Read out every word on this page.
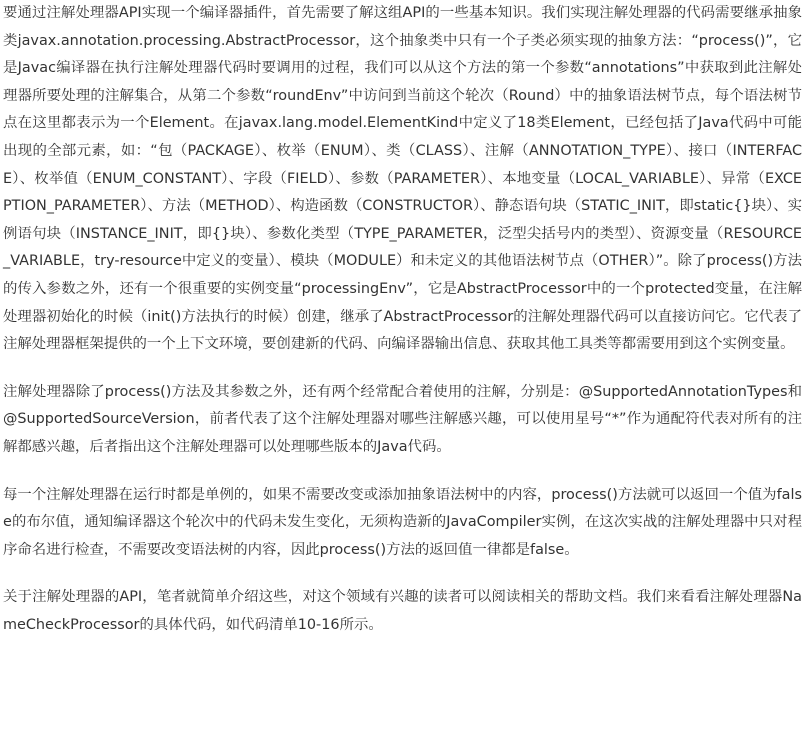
要通过注解处理器API实现一个编译器插件，首先需要了解这组API的一些基本知识。我们实现注解处理器的代码需要继承抽象类javax.annotation.processing.AbstractProcessor，这个抽象类中只有一个子类必须实现的抽象方法：“process()”，它是Javac编译器在执行注解处理器代码时要调用的过程，我们可以从这个方法的第一个参数“annotations”中获取到此注解处理器所要处理的注解集合，从第二个参数“roundEnv”中访问到当前这个轮次（Round）中的抽象语法树节点，每个语法树节点在这里都表示为一个Element。在javax.lang.model.ElementKind中定义了18类Element，已经包括了Java代码中可能出现的全部元素，如：“包（PACKAGE）、枚举（ENUM）、类（CLASS）、注解（ANNOTATION_TYPE）、接口（INTERFACE）、枚举值（ENUM_CONSTANT）、字段（FIELD）、参数（PARAMETER）、本地变量（LOCAL_VARIABLE）、异常（EXCEPTION_PARAMETER）、方法（METHOD）、构造函数（CONSTRUCTOR）、静态语句块（STATIC_INIT，即static{}块）、实例语句块（INSTANCE_INIT，即{}块）、参数化类型（TYPE_PARAMETER，泛型尖括号内的类型）、资源变量（RESOURCE_VARIABLE，try-resource中定义的变量）、模块（MODULE）和未定义的其他语法树节点（OTHER）”。除了process()方法的传入参数之外，还有一个很重要的实例变量“processingEnv”，它是AbstractProcessor中的一个protected变量，在注解处理器初始化的时候（init()方法执行的时候）创建，继承了AbstractProcessor的注解处理器代码可以直接访问它。它代表了注解处理器框架提供的一个上下文环境，要创建新的代码、向编译器输出信息、获取其他工具类等都需要用到这个实例变量。

注解处理器除了process()方法及其参数之外，还有两个经常配合着使用的注解，分别是：@SupportedAnnotationTypes和@SupportedSourceVersion，前者代表了这个注解处理器对哪些注解感兴趣，可以使用星号“*”作为通配符代表对所有的注解都感兴趣，后者指出这个注解处理器可以处理哪些版本的Java代码。

每一个注解处理器在运行时都是单例的，如果不需要改变或添加抽象语法树中的内容，process()方法就可以返回一个值为false的布尔值，通知编译器这个轮次中的代码未发生变化，无须构造新的JavaCompiler实例，在这次实战的注解处理器中只对程序命名进行检查，不需要改变语法树的内容，因此process()方法的返回值一律都是false。

关于注解处理器的API，笔者就简单介绍这些，对这个领域有兴趣的读者可以阅读相关的帮助文档。我们来看看注解处理器NameCheckProcessor的具体代码，如代码清单10-16所示。
